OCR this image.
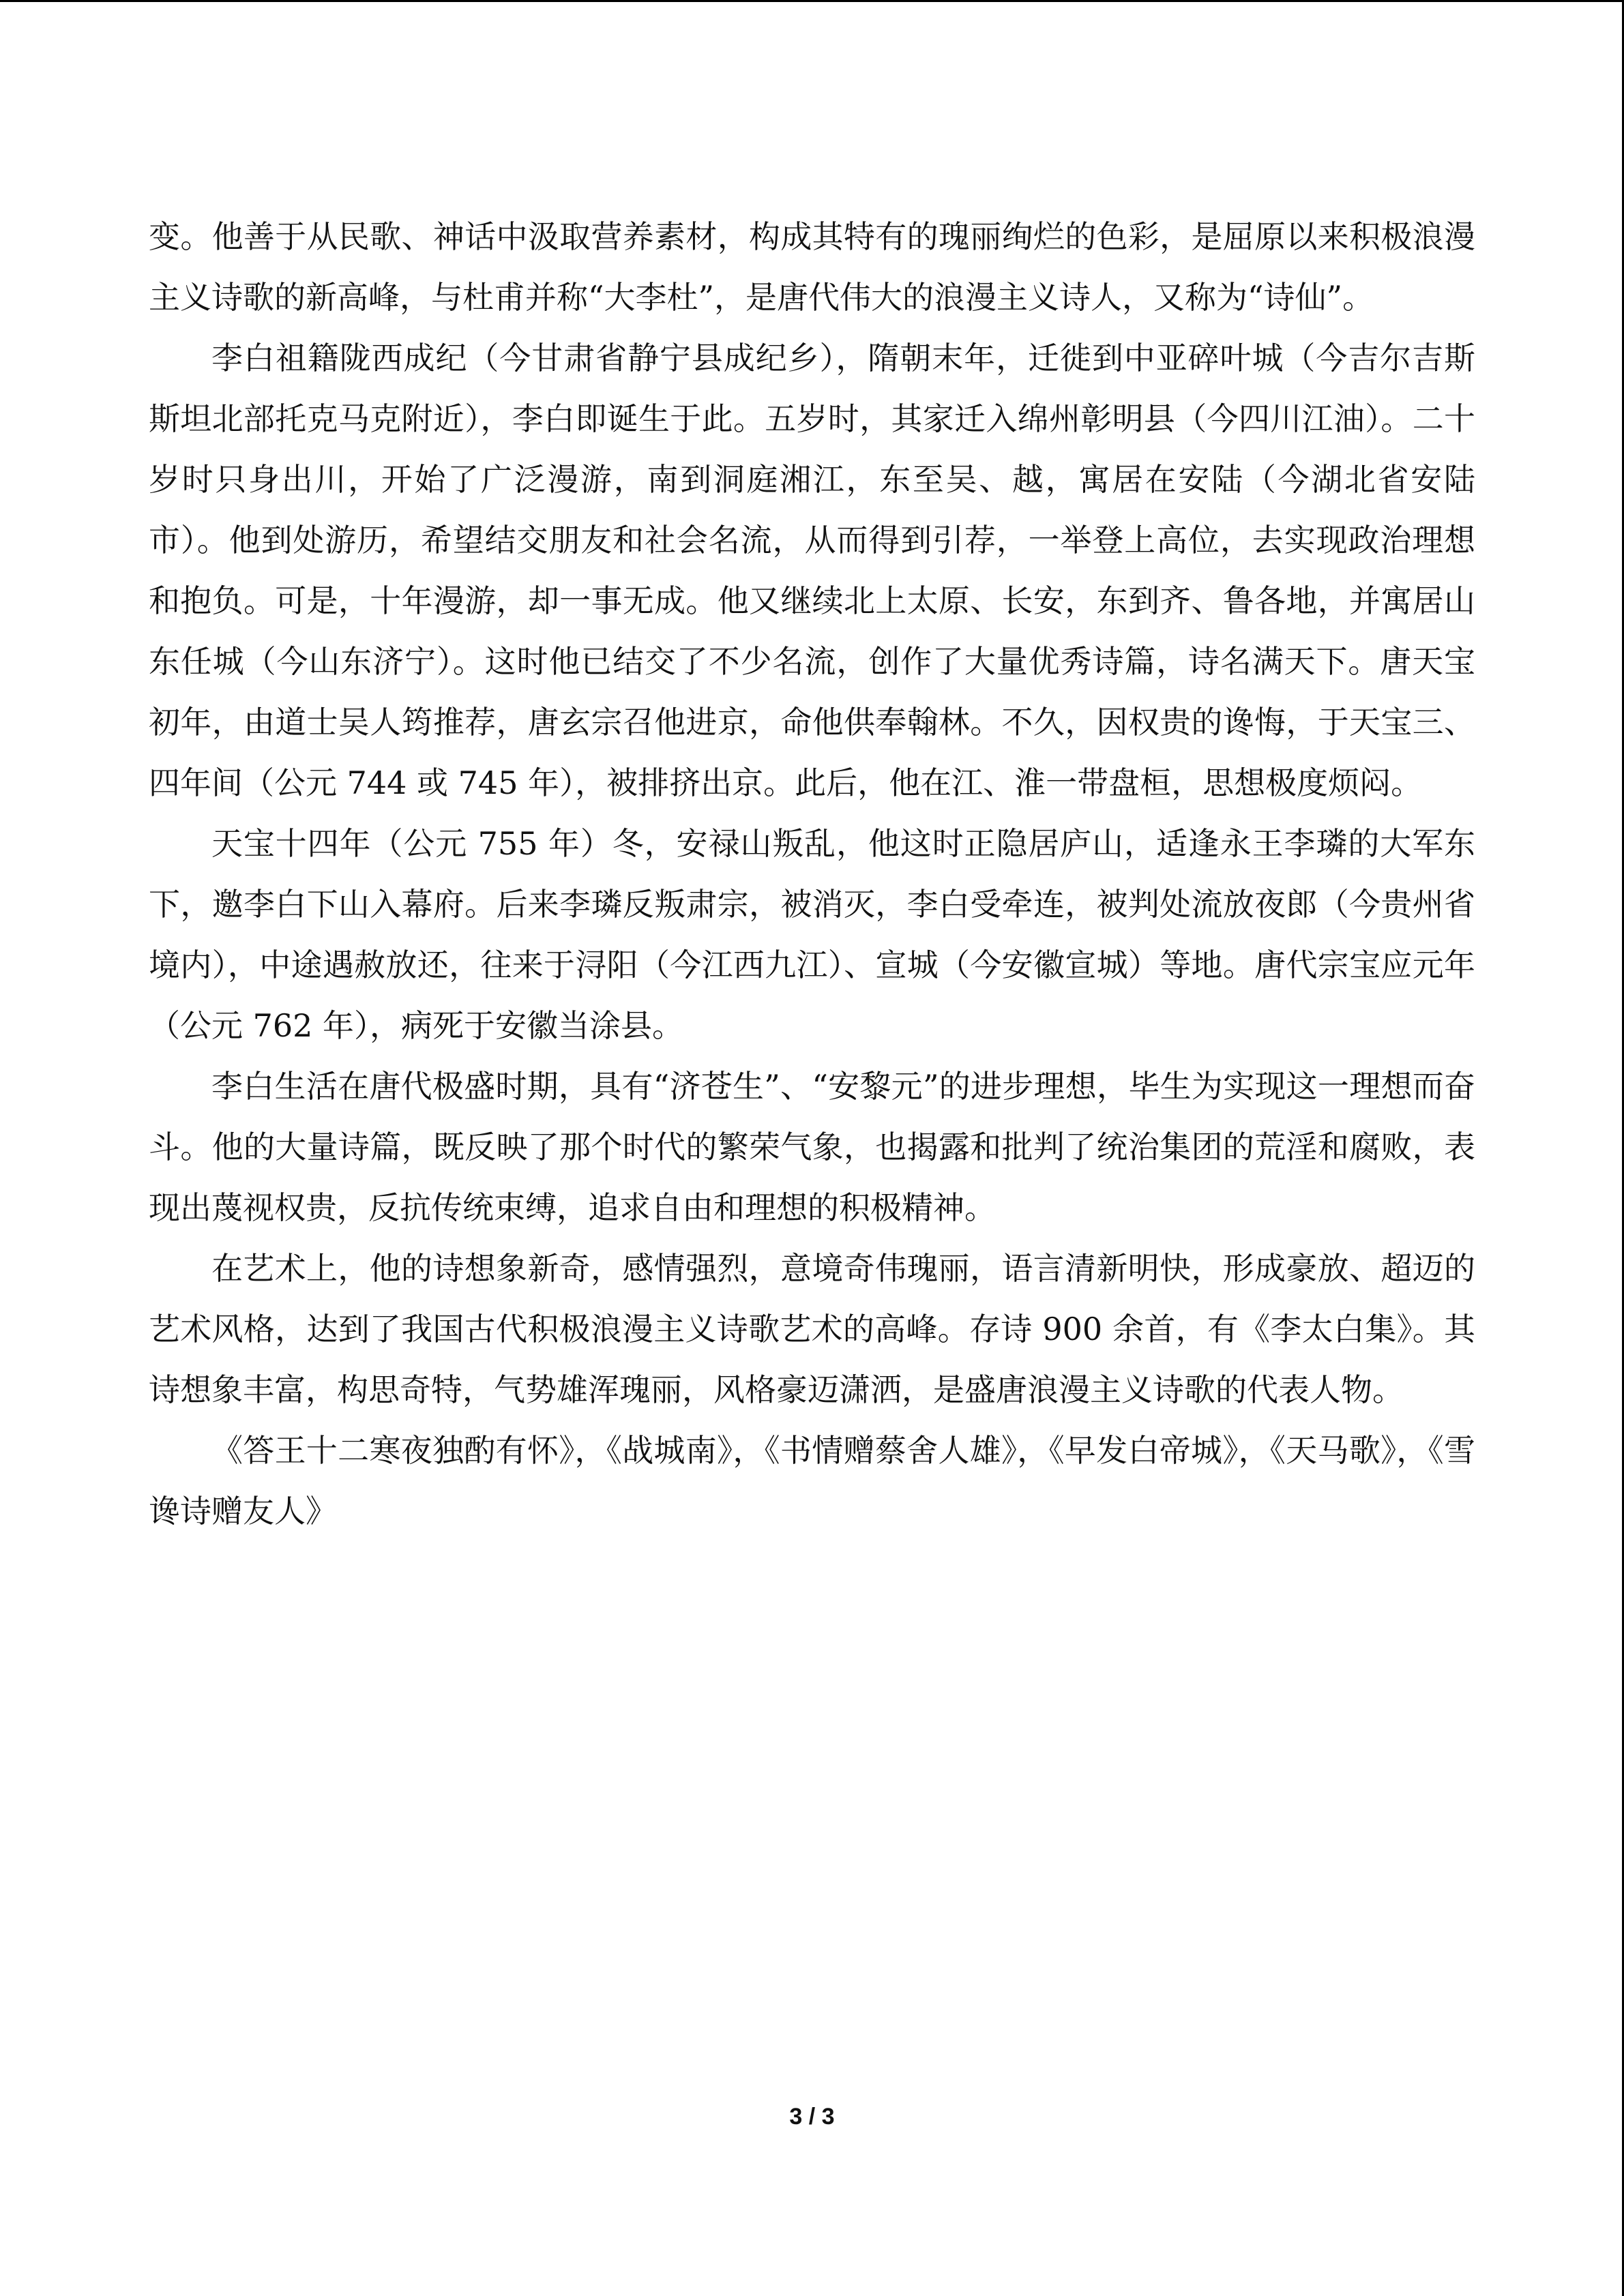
变。他善于从民歌、神话中汲取营养素材，构成其特有的瑰丽绚烂的色彩，是屈原以来积极浪漫主义诗歌的新高峰，与杜甫并称“大李杜”，是唐代伟大的浪漫主义诗人，又称为“诗仙”。

李白祖籍陇西成纪（今甘肃省静宁县成纪乡），隋朝末年，迁徙到中亚碎叶城（今吉尔吉斯斯坦北部托克马克附近），李白即诞生于此。五岁时，其家迁入绵州彰明县（今四川江油）。二十岁时只身出川，开始了广泛漫游，南到洞庭湘江，东至吴、越，寓居在安陆（今湖北省安陆市）。他到处游历，希望结交朋友和社会名流，从而得到引荐，一举登上高位，去实现政治理想和抱负。可是，十年漫游，却一事无成。他又继续北上太原、长安，东到齐、鲁各地，并寓居山东任城（今山东济宁）。这时他已结交了不少名流，创作了大量优秀诗篇，诗名满天下。唐天宝初年，由道士吴人筠推荐，唐玄宗召他进京，命他供奉翰林。不久，因权贵的谗悔，于天宝三、四年间（公元 744 或 745 年），被排挤出京。此后，他在江、淮一带盘桓，思想极度烦闷。

天宝十四年（公元 755 年）冬，安禄山叛乱，他这时正隐居庐山，适逢永王李璘的大军东下，邀李白下山入幕府。后来李璘反叛肃宗，被消灭，李白受牵连，被判处流放夜郎（今贵州省境内），中途遇赦放还，往来于浔阳（今江西九江）、宣城（今安徽宣城）等地。唐代宗宝应元年（公元 762 年），病死于安徽当涂县。

李白生活在唐代极盛时期，具有“济苍生”、“安黎元”的进步理想，毕生为实现这一理想而奋斗。他的大量诗篇，既反映了那个时代的繁荣气象，也揭露和批判了统治集团的荒淫和腐败，表现出蔑视权贵，反抗传统束缚，追求自由和理想的积极精神。

在艺术上，他的诗想象新奇，感情强烈，意境奇伟瑰丽，语言清新明快，形成豪放、超迈的艺术风格，达到了我国古代积极浪漫主义诗歌艺术的高峰。存诗 900 余首，有《李太白集》。其诗想象丰富，构思奇特，气势雄浑瑰丽，风格豪迈潇洒，是盛唐浪漫主义诗歌的代表人物。

《答王十二寒夜独酌有怀》，《战城南》，《书情赠蔡舍人雄》，《早发白帝城》，《天马歌》，《雪谗诗赠友人》

3 / 3
